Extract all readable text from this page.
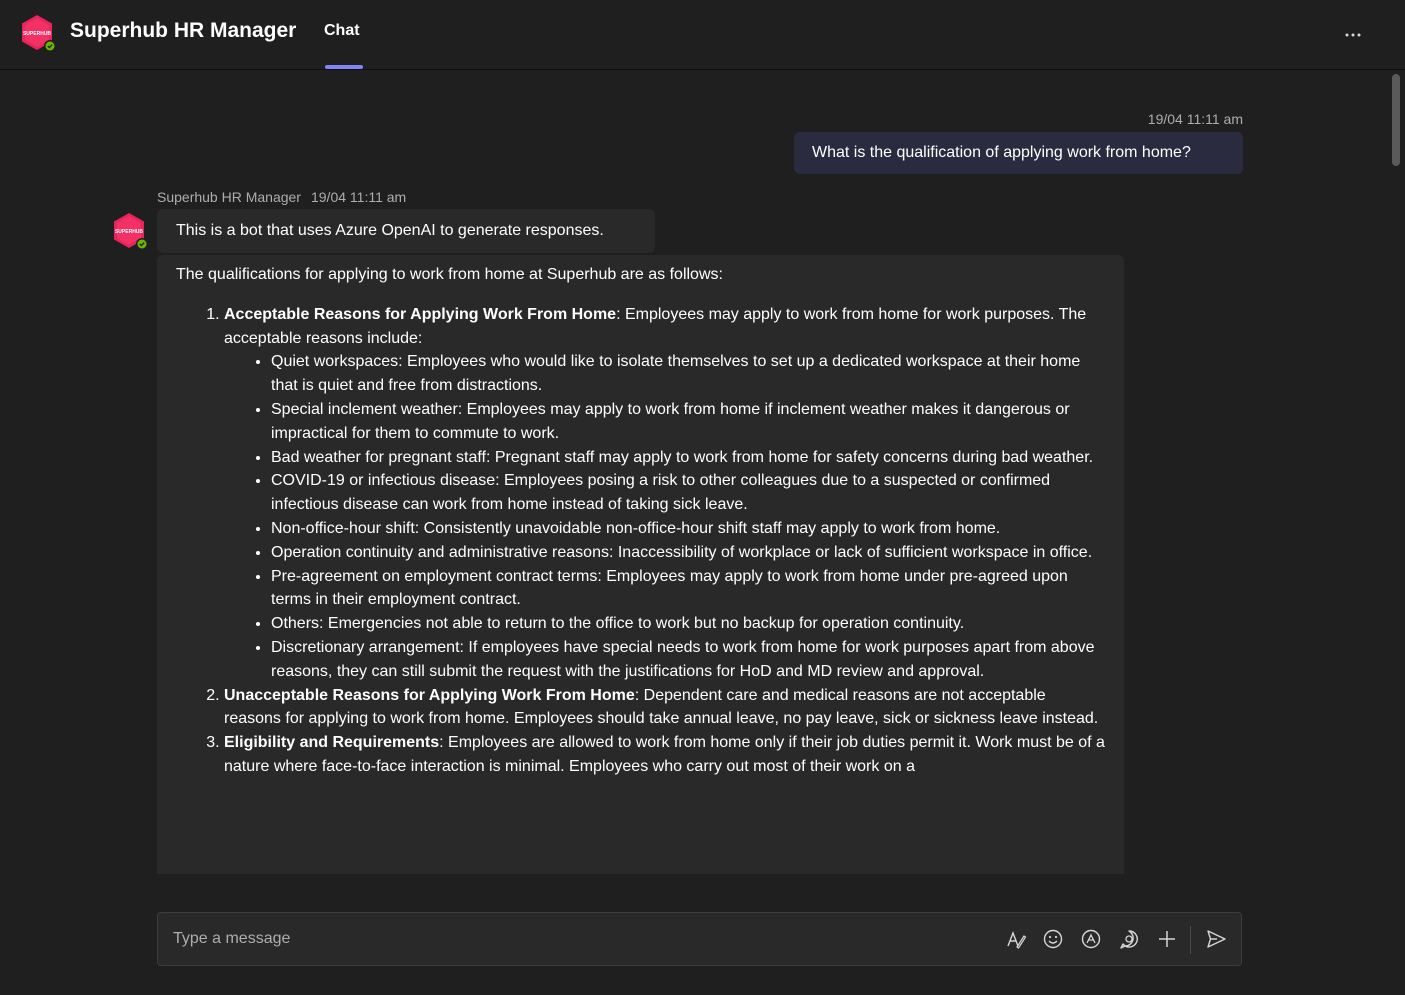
SUPERHUB Superhub HR Manager Chat
19/04 11:11 am
What is the qualification of applying work from home?
Superhub HR Manager 19/04 11:11 am
SUPERHUB	This is a bot that uses Azure OpenAI to generate responses.
The qualifications for applying to work from home at Superhub are as follows:
1. Acceptable Reasons for Applying Work From Home: Employees may apply to work from home for work purposes. The acceptable reasons include:
• Quiet workspaces: Employees who would like to isolate themselves to set up a dedicated workspace at their home that is quiet and free from distractions.
• Special inclement weather: Employees may apply to work from home if inclement weather makes it dangerous or impractical for them to commute to work.
• Bad weather for pregnant staff: Pregnant staff may apply to work from home for safety concerns during bad weather.
• COVID-19 or infectious disease: Employees posing a risk to other colleagues due to a suspected or confirmed infectious disease can work from home instead of taking sick leave.
• Non-office-hour shift: Consistently unavoidable non-office-hour shift staff may apply to work from home.
• Operation continuity and administrative reasons: Inaccessibility of workplace or lack of sufficient workspace in office.
• Pre-agreement on employment contract terms: Employees may apply to work from home under pre-agreed upon terms in their employment contract.
• Others: Emergencies not able to return to the office to work but no backup for operation continuity.
• Discretionary arrangement: If employees have special needs to work from home for work purposes apart from above reasons, they can still submit the request with the justifications for HoD and MD review and approval.
2. Unacceptable Reasons for Applying Work From Home: Dependent care and medical reasons are not acceptable reasons for applying to work from home. Employees should take annual leave, no pay leave, sick or sickness leave instead.
3. Eligibility and Requirements: Employees are allowed to work from home only if their job duties permit it. Work must be of a nature where face-to-face interaction is minimal. Employees who carry out most of their work on a
Type a message
